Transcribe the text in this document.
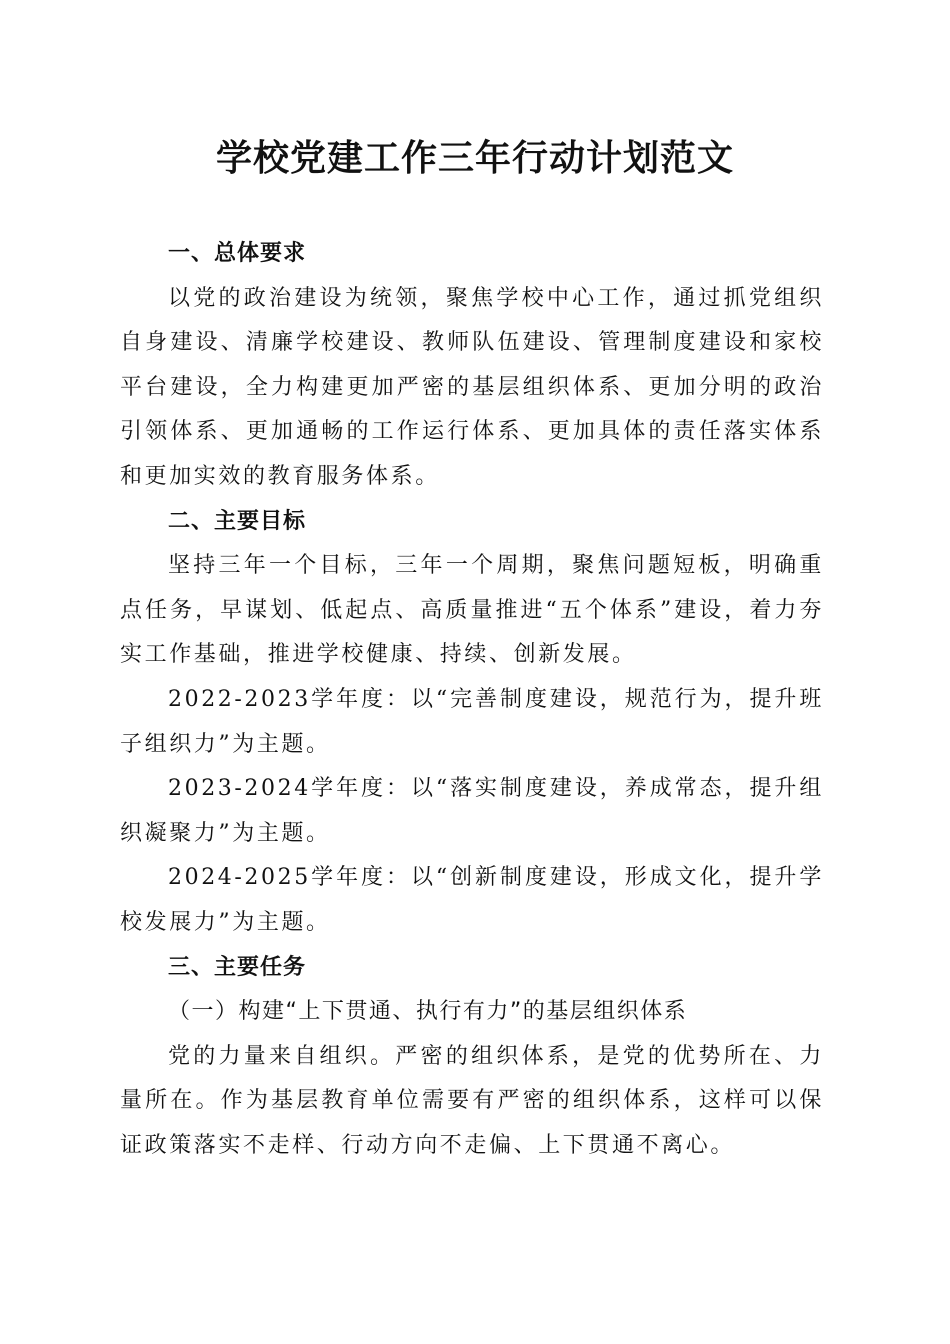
学校党建工作三年行动计划范文

一、总体要求

以党的政治建设为统领，聚焦学校中心工作，通过抓党组织自身建设、清廉学校建设、教师队伍建设、管理制度建设和家校平台建设，全力构建更加严密的基层组织体系、更加分明的政治引领体系、更加通畅的工作运行体系、更加具体的责任落实体系和更加实效的教育服务体系。

二、主要目标

坚持三年一个目标，三年一个周期，聚焦问题短板，明确重点任务，早谋划、低起点、高质量推进“五个体系”建设，着力夯实工作基础，推进学校健康、持续、创新发展。

2022-2023学年度：以“完善制度建设，规范行为，提升班子组织力”为主题。

2023-2024学年度：以“落实制度建设，养成常态，提升组织凝聚力”为主题。

2024-2025学年度：以“创新制度建设，形成文化，提升学校发展力”为主题。

三、主要任务

（一）构建“上下贯通、执行有力”的基层组织体系

党的力量来自组织。严密的组织体系，是党的优势所在、力量所在。作为基层教育单位需要有严密的组织体系，这样可以保证政策落实不走样、行动方向不走偏、上下贯通不离心。
